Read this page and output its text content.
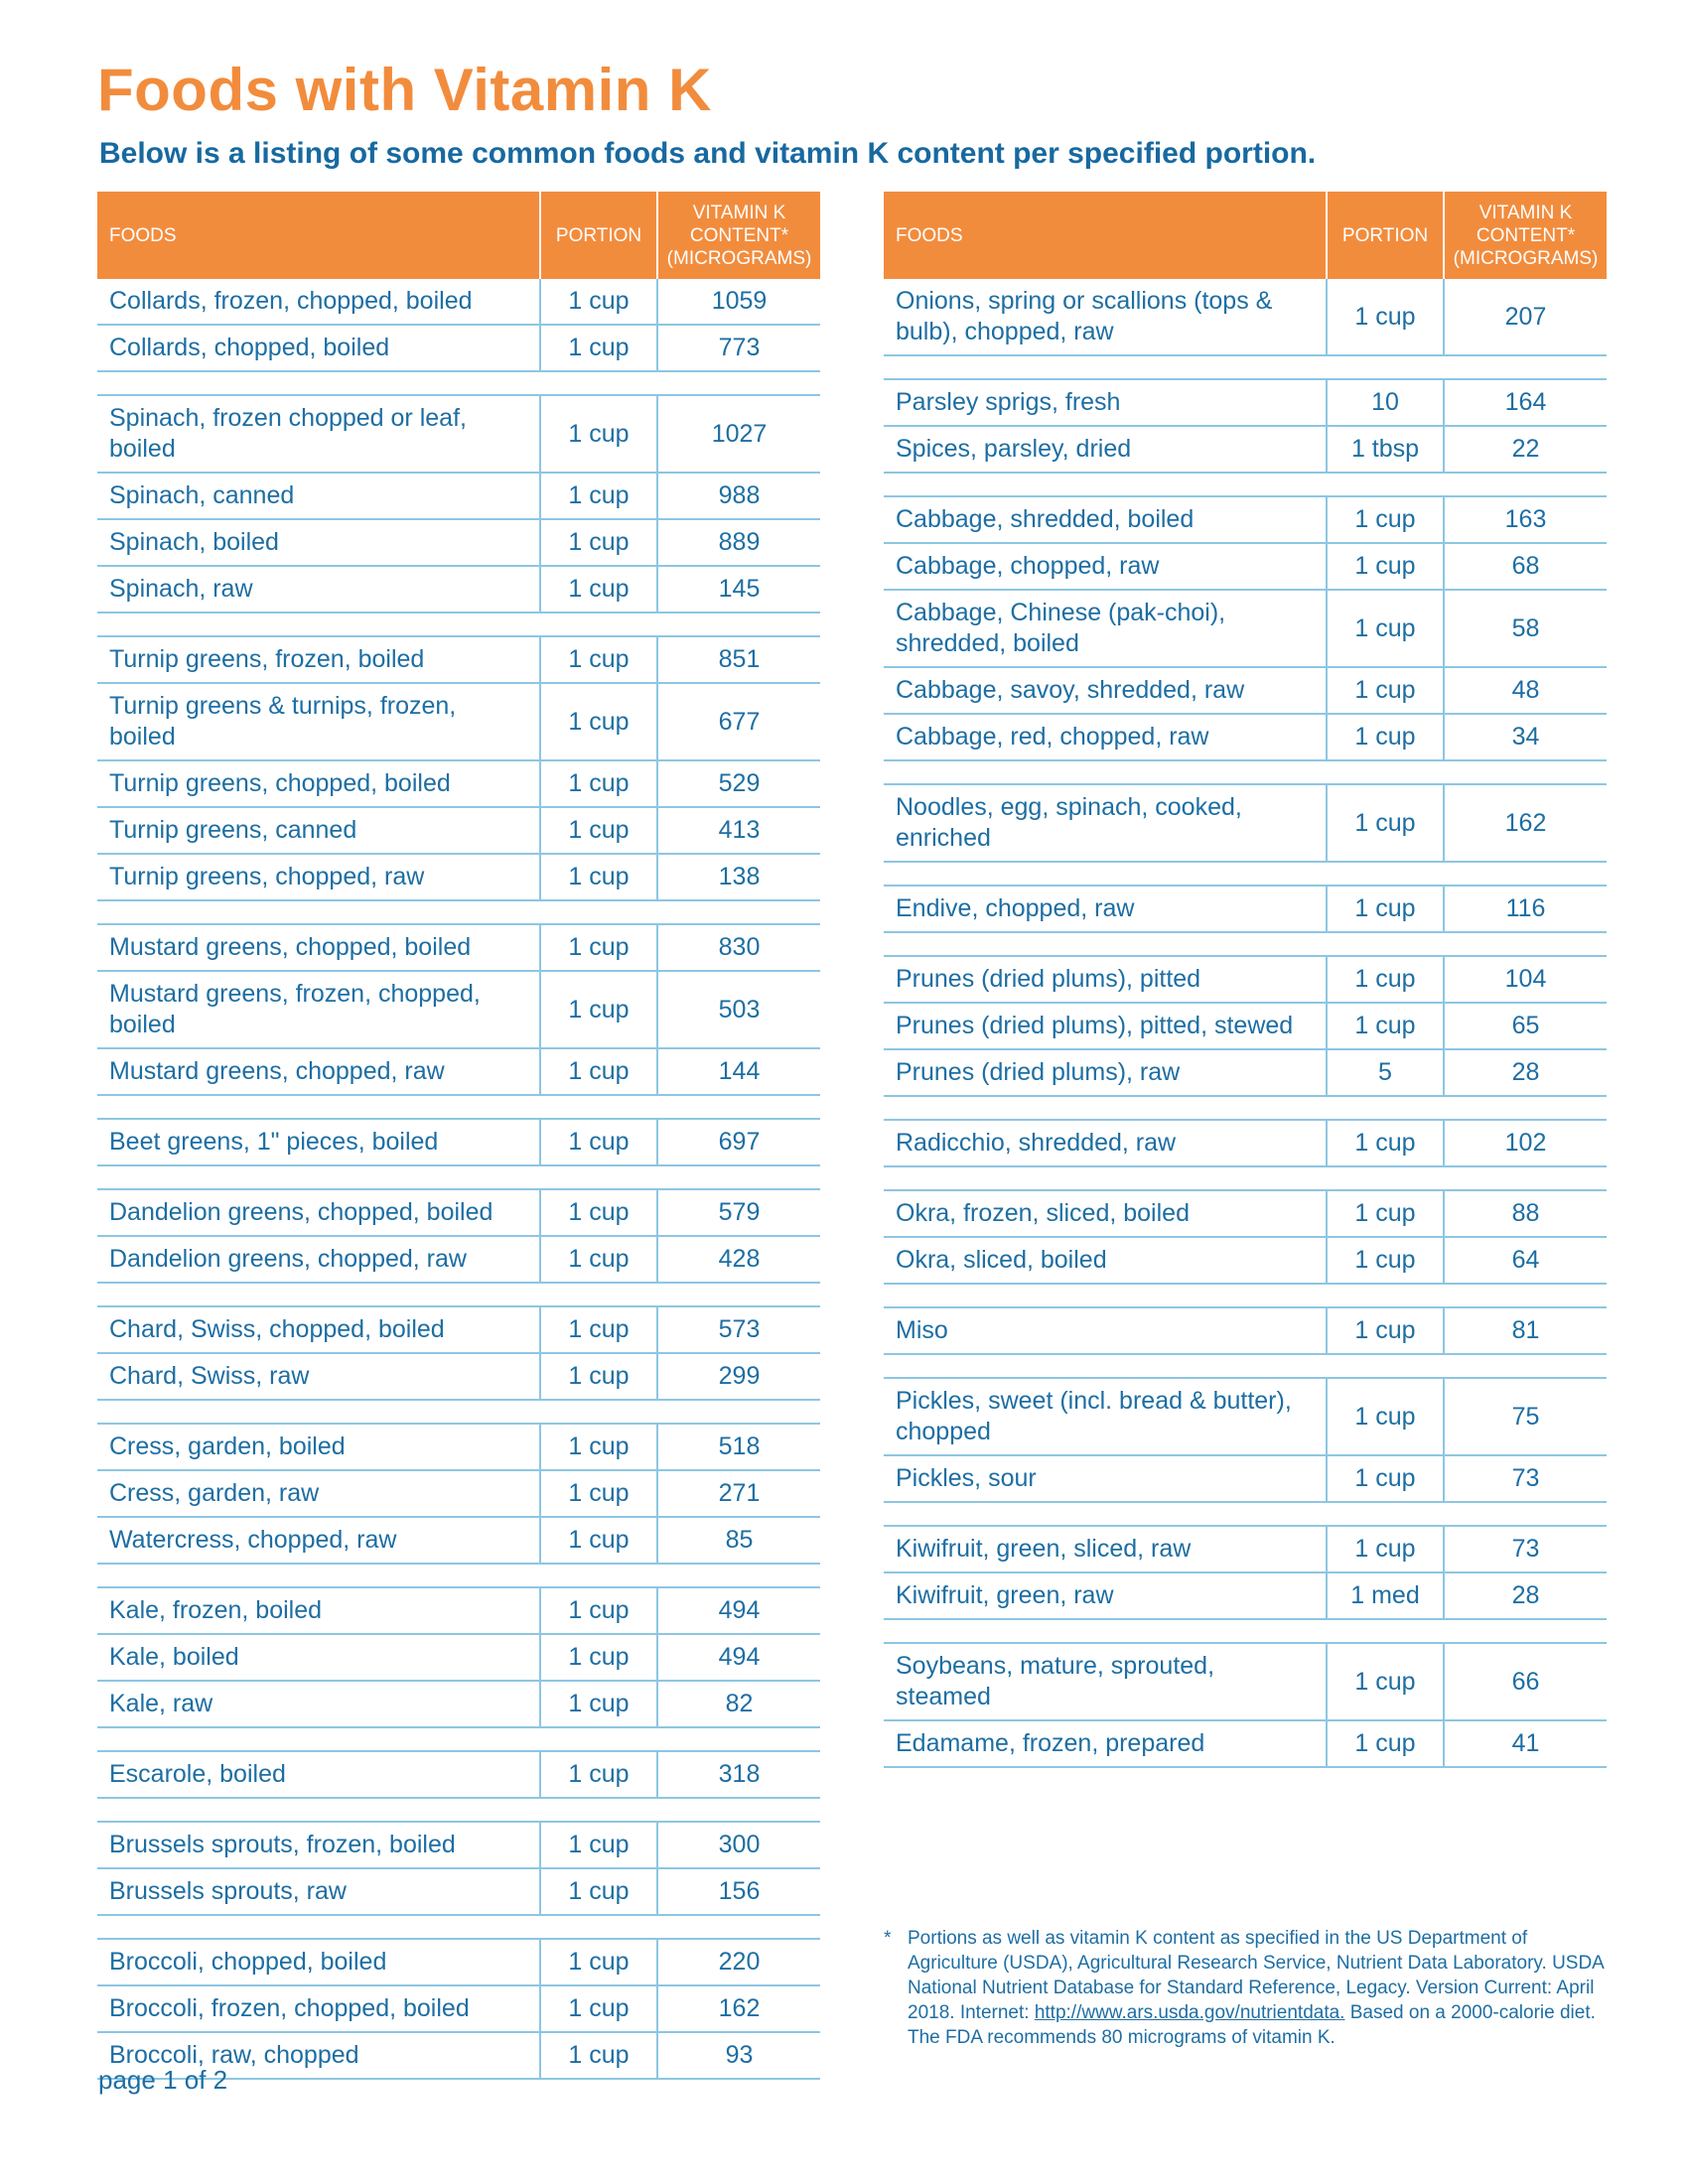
Foods with Vitamin K
Below is a listing of some common foods and vitamin K content per specified portion.
FOODS	PORTION	VITAMIN K
CONTENT*
(MICROGRAMS)

Collards, frozen, chopped, boiled	1 cup	1059
Collards, chopped, boiled	1 cup	773

Spinach, frozen chopped or leaf, boiled	1 cup	1027
Spinach, canned	1 cup	988
Spinach, boiled	1 cup	889
Spinach, raw	1 cup	145

Turnip greens, frozen, boiled	1 cup	851
Turnip greens & turnips, frozen, boiled	1 cup	677
Turnip greens, chopped, boiled	1 cup	529
Turnip greens, canned	1 cup	413
Turnip greens, chopped, raw	1 cup	138

Mustard greens, chopped, boiled	1 cup	830
Mustard greens, frozen, chopped, boiled	1 cup	503
Mustard greens, chopped, raw	1 cup	144

Beet greens, 1" pieces, boiled	1 cup	697

Dandelion greens, chopped, boiled	1 cup	579
Dandelion greens, chopped, raw	1 cup	428

Chard, Swiss, chopped, boiled	1 cup	573
Chard, Swiss, raw	1 cup	299

Cress, garden, boiled	1 cup	518
Cress, garden, raw	1 cup	271
Watercress, chopped, raw	1 cup	85

Kale, frozen, boiled	1 cup	494
Kale, boiled	1 cup	494
Kale, raw	1 cup	82

Escarole, boiled	1 cup	318

Brussels sprouts, frozen, boiled	1 cup	300
Brussels sprouts, raw	1 cup	156

Broccoli, chopped, boiled	1 cup	220
Broccoli, frozen, chopped, boiled	1 cup	162
Broccoli, raw, chopped	1 cup	93
FOODS	PORTION	VITAMIN K
CONTENT*
(MICROGRAMS)

Onions, spring or scallions (tops & bulb), chopped, raw	1 cup	207

Parsley sprigs, fresh	10	164
Spices, parsley, dried	1 tbsp	22

Cabbage, shredded, boiled	1 cup	163
Cabbage, chopped, raw	1 cup	68
Cabbage, Chinese (pak-choi), shredded, boiled	1 cup	58
Cabbage, savoy, shredded, raw	1 cup	48
Cabbage, red, chopped, raw	1 cup	34

Noodles, egg, spinach, cooked, enriched	1 cup	162

Endive, chopped, raw	1 cup	116

Prunes (dried plums), pitted	1 cup	104
Prunes (dried plums), pitted, stewed	1 cup	65
Prunes (dried plums), raw	5	28

Radicchio, shredded, raw	1 cup	102

Okra, frozen, sliced, boiled	1 cup	88
Okra, sliced, boiled	1 cup	64

Miso	1 cup	81

Pickles, sweet (incl. bread & butter), chopped	1 cup	75
Pickles, sour	1 cup	73

Kiwifruit, green, sliced, raw	1 cup	73
Kiwifruit, green, raw	1 med	28

Soybeans, mature, sprouted, steamed	1 cup	66
Edamame, frozen, prepared	1 cup	41
* Portions as well as vitamin K content as specified in the US Department of Agriculture (USDA), Agricultural Research Service, Nutrient Data Laboratory. USDA National Nutrient Database for Standard Reference, Legacy. Version Current: April 2018. Internet: http://www.ars.usda.gov/nutrientdata. Based on a 2000-calorie diet. The FDA recommends 80 micrograms of vitamin K.
page 1 of 2
